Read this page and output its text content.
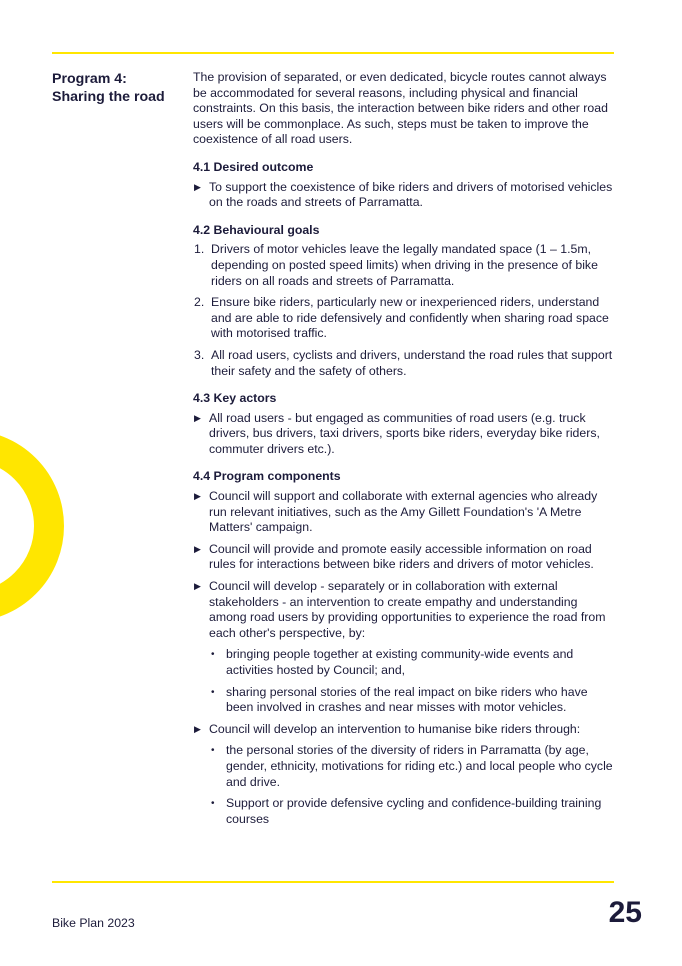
Program 4:
Sharing the road

The provision of separated, or even dedicated, bicycle routes cannot always be accommodated for several reasons, including physical and financial constraints. On this basis, the interaction between bike riders and other road users will be commonplace. As such, steps must be taken to improve the coexistence of all road users.

4.1 Desired outcome
▶ To support the coexistence of bike riders and drivers of motorised vehicles on the roads and streets of Parramatta.
4.2 Behavioural goals
1. Drivers of motor vehicles leave the legally mandated space (1 – 1.5m, depending on posted speed limits) when driving in the presence of bike riders on all roads and streets of Parramatta.
2. Ensure bike riders, particularly new or inexperienced riders, understand and are able to ride defensively and confidently when sharing road space with motorised traffic.
3. All road users, cyclists and drivers, understand the road rules that support their safety and the safety of others.
4.3 Key actors
▶ All road users - but engaged as communities of road users (e.g. truck drivers, bus drivers, taxi drivers, sports bike riders, everyday bike riders, commuter drivers etc.).
4.4 Program components
▶ Council will support and collaborate with external agencies who already run relevant initiatives, such as the Amy Gillett Foundation's 'A Metre Matters' campaign.
▶ Council will provide and promote easily accessible information on road rules for interactions between bike riders and drivers of motor vehicles.
▶ Council will develop - separately or in collaboration with external stakeholders - an intervention to create empathy and understanding among road users by providing opportunities to experience the road from each other's perspective, by:
• bringing people together at existing community-wide events and activities hosted by Council; and,
• sharing personal stories of the real impact on bike riders who have been involved in crashes and near misses with motor vehicles.
▶ Council will develop an intervention to humanise bike riders through:
• the personal stories of the diversity of riders in Parramatta (by age, gender, ethnicity, motivations for riding etc.) and local people who cycle and drive.
• Support or provide defensive cycling and confidence-building training courses
Bike Plan 2023	25
